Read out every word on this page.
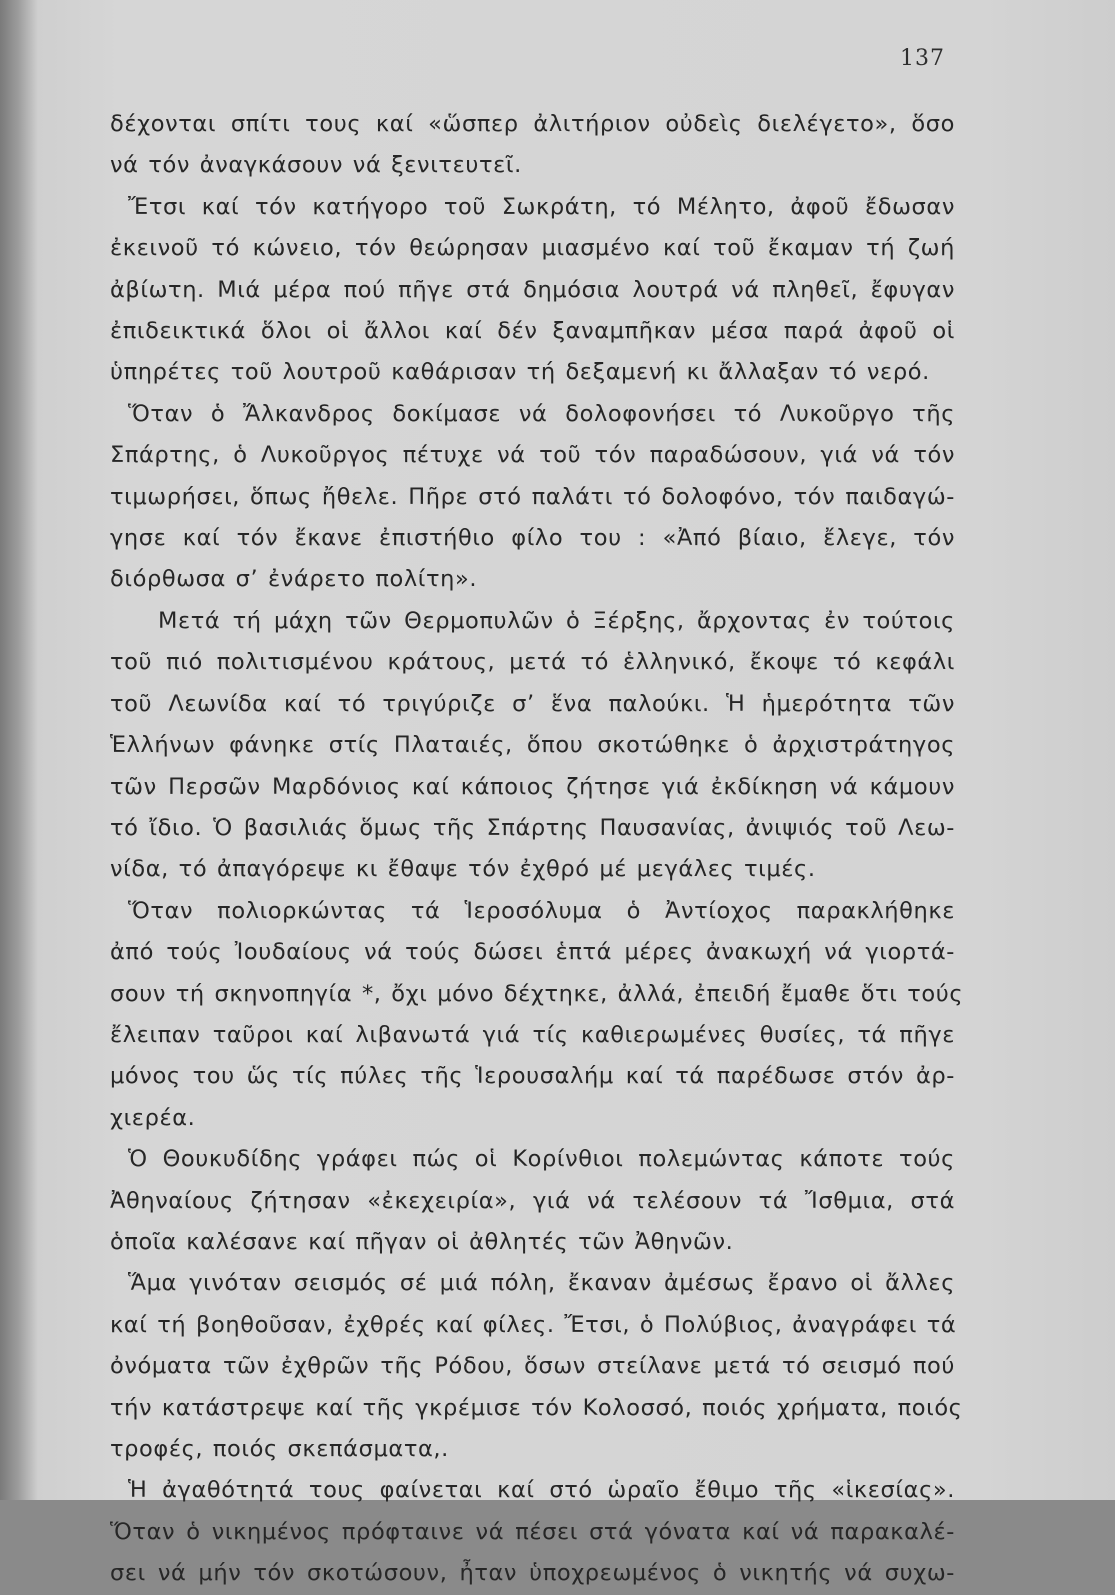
137

δέχονται σπίτι τους καί «ὥσπερ ἀλιτήριον οὐδεὶς διελέγετο», ὅσο
νά τόν ἀναγκάσουν νά ξενιτευτεῖ.

Ἔτσι καί τόν κατήγορο τοῦ Σωκράτη, τό Μέλητο, ἀφοῦ ἔδωσαν
ἐκεινοῦ τό κώνειο, τόν θεώρησαν μιασμένο καί τοῦ ἔκαμαν τή ζωή
ἀβίωτη. Μιά μέρα πού πῆγε στά δημόσια λουτρά νά πληθεῖ, ἔφυγαν
ἐπιδεικτικά ὅλοι οἱ ἄλλοι καί δέν ξαναμπῆκαν μέσα παρά ἀφοῦ οἱ
ὑπηρέτες τοῦ λουτροῦ καθάρισαν τή δεξαμενή κι ἄλλαξαν τό νερό.

Ὅταν ὁ Ἄλκανδρος δοκίμασε νά δολοφονήσει τό Λυκοῦργο τῆς
Σπάρτης, ὁ Λυκοῦργος πέτυχε νά τοῦ τόν παραδώσουν, γιά νά τόν
τιμωρήσει, ὅπως ἤθελε. Πῆρε στό παλάτι τό δολοφόνο, τόν παιδαγώ-
γησε καί τόν ἔκανε ἐπιστήθιο φίλο του : «Ἀπό βίαιο, ἔλεγε, τόν
διόρθωσα σ’ ἐνάρετο πολίτη».

Μετά τή μάχη τῶν Θερμοπυλῶν ὁ Ξέρξης, ἄρχοντας ἐν τούτοις
τοῦ πιό πολιτισμένου κράτους, μετά τό ἑλληνικό, ἔκοψε τό κεφάλι
τοῦ Λεωνίδα καί τό τριγύριζε σ’ ἕνα παλούκι. Ἡ ἡμερότητα τῶν
Ἑλλήνων φάνηκε στίς Πλαταιές, ὅπου σκοτώθηκε ὁ ἀρχιστράτηγος
τῶν Περσῶν Μαρδόνιος καί κάποιος ζήτησε γιά ἐκδίκηση νά κάμουν
τό ἴδιο. Ὁ βασιλιάς ὅμως τῆς Σπάρτης Παυσανίας, ἀνιψιός τοῦ Λεω-
νίδα, τό ἀπαγόρεψε κι ἔθαψε τόν ἐχθρό μέ μεγάλες τιμές.

Ὅταν πολιορκώντας τά Ἱεροσόλυμα ὁ Ἀντίοχος παρακλήθηκε
ἀπό τούς Ἰουδαίους νά τούς δώσει ἑπτά μέρες ἀνακωχή νά γιορτά-
σουν τή σκηνοπηγία *, ὄχι μόνο δέχτηκε, ἀλλά, ἐπειδή ἔμαθε ὅτι τούς
ἔλειπαν ταῦροι καί λιβανωτά γιά τίς καθιερωμένες θυσίες, τά πῆγε
μόνος του ὥς τίς πύλες τῆς Ἱερουσαλήμ καί τά παρέδωσε στόν ἀρ-
χιερέα.

Ὁ Θουκυδίδης γράφει πώς οἱ Κορίνθιοι πολεμώντας κάποτε τούς
Ἀθηναίους ζήτησαν «ἐκεχειρία», γιά νά τελέσουν τά Ἴσθμια, στά
ὁποῖα καλέσανε καί πῆγαν οἱ ἀθλητές τῶν Ἀθηνῶν.

Ἅμα γινόταν σεισμός σέ μιά πόλη, ἔκαναν ἀμέσως ἔρανο οἱ ἄλλες
καί τή βοηθοῦσαν, ἐχθρές καί φίλες. Ἔτσι, ὁ Πολύβιος, ἀναγράφει τά
ὀνόματα τῶν ἐχθρῶν τῆς Ρόδου, ὅσων στείλανε μετά τό σεισμό πού
τήν κατάστρεψε καί τῆς γκρέμισε τόν Κολοσσό, ποιός χρήματα, ποιός
τροφές, ποιός σκεπάσματα,.

Ἡ ἀγαθότητά τους φαίνεται καί στό ὡραῖο ἔθιμο τῆς «ἱκεσίας».
Ὅταν ὁ νικημένος πρόφταινε νά πέσει στά γόνατα καί νά παρακαλέ-
σει νά μήν τόν σκοτώσουν, ἦταν ὑποχρεωμένος ὁ νικητής νά συχω-
